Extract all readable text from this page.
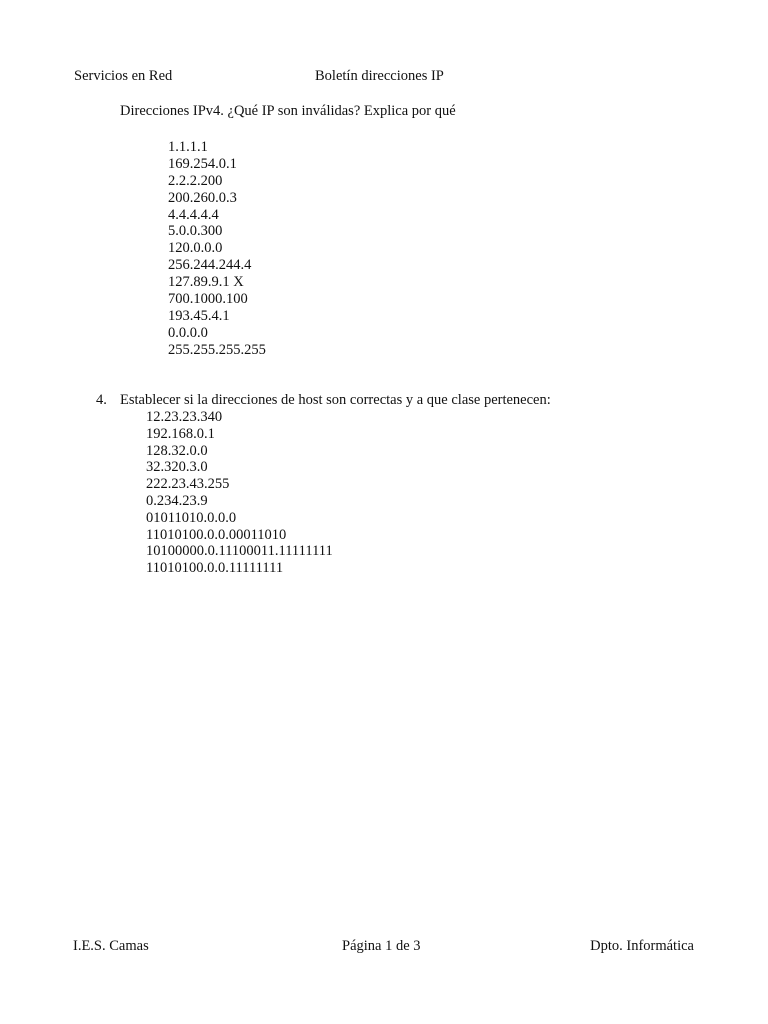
Servicios en Red	Boletín direcciones IP
Direcciones IPv4. ¿Qué IP son inválidas? Explica por qué
1.1.1.1
169.254.0.1
2.2.2.200
200.260.0.3
4.4.4.4.4
5.0.0.300
120.0.0.0
256.244.244.4
127.89.9.1 X
700.1000.100
193.45.4.1
0.0.0.0
255.255.255.255
4. Establecer si la direcciones de host son correctas y a que clase pertenecen:
12.23.23.340
192.168.0.1
128.32.0.0
32.320.3.0
222.23.43.255
0.234.23.9
01011010.0.0.0
11010100.0.0.00011010
10100000.0.11100011.11111111
11010100.0.0.11111111
I.E.S. Camas	Página 1 de 3	Dpto. Informática
